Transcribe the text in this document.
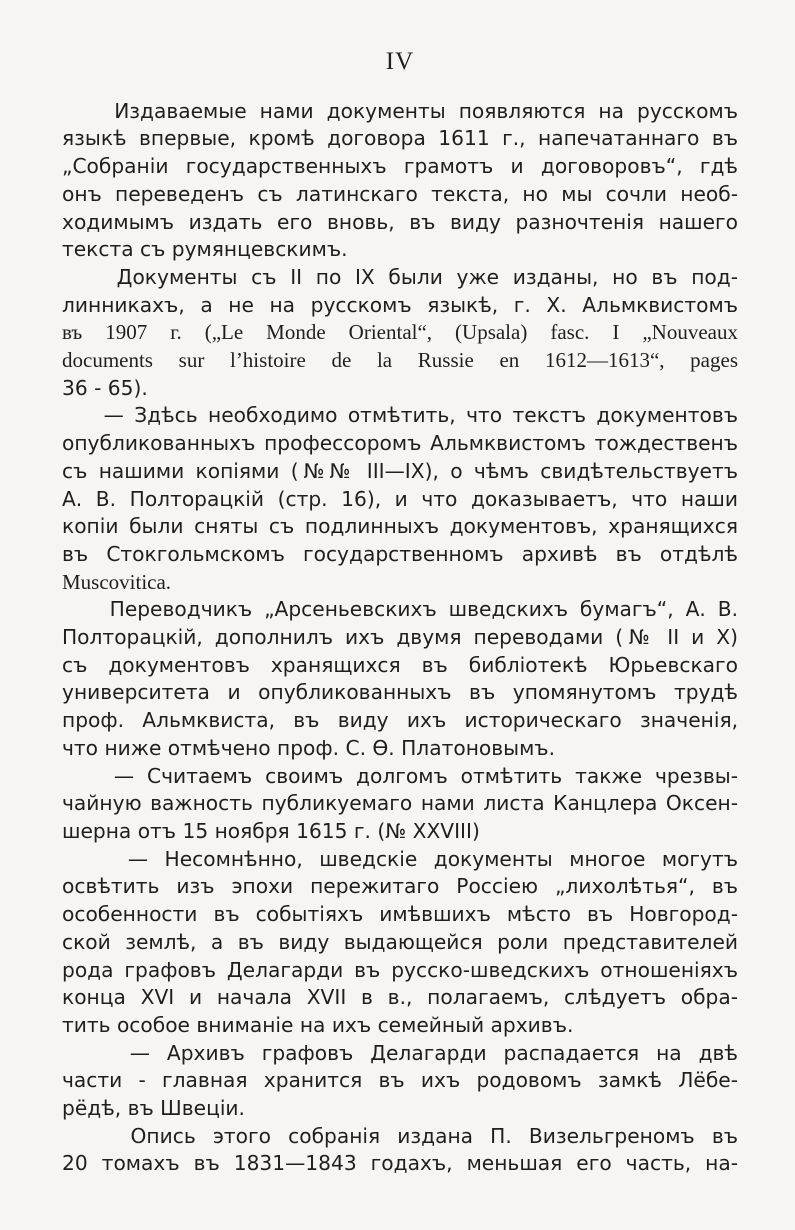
IV
Издаваемые нами документы появляются на русскомъ
языкѣ впервые, кромѣ договора 1611 г., напечатаннаго въ
„Собраніи государственныхъ грамотъ и договоровъ“, гдѣ
онъ переведенъ съ латинскаго текста, но мы сочли необ-
ходимымъ издать его вновь, въ виду разночтенія нашего
текста съ румянцевскимъ.
Документы съ II по IX были уже изданы, но въ под-
линникахъ, а не на русскомъ языкѣ, г. Х. Альмквистомъ
въ 1907 г. („Le Monde Oriental“, (Upsala) fasc. I „Nouveaux
documents sur l’histoire de la Russie en 1612—1613“, pages
36 - 65).
— Здѣсь необходимо отмѣтить, что текстъ документовъ
опубликованныхъ профессоромъ Альмквистомъ тождественъ
съ нашими копіями (№№ III—IX), о чѣмъ свидѣтельствуетъ
А. В. Полторацкій (стр. 16), и что доказываетъ, что наши
копіи были сняты съ подлинныхъ документовъ, хранящихся
въ Стокгольмскомъ государственномъ архивѣ въ отдѣлѣ
Muscovitica.
Переводчикъ „Арсеньевскихъ шведскихъ бумагъ“, А. В.
Полторацкій, дополнилъ ихъ двумя переводами (№ II и X)
съ документовъ хранящихся въ библіотекѣ Юрьевскаго
университета и опубликованныхъ въ упомянутомъ трудѣ
проф. Альмквиста, въ виду ихъ историческаго значенія,
что ниже отмѣчено проф. С. Ѳ. Платоновымъ.
— Считаемъ своимъ долгомъ отмѣтить также чрезвы-
чайную важность публикуемаго нами листа Канцлера Оксен-
шерна отъ 15 ноября 1615 г. (№ XXVIII)
— Несомнѣнно, шведскіе документы многое могутъ
освѣтить изъ эпохи пережитаго Россіею „лихолѣтья“, въ
особенности въ событіяхъ имѣвшихъ мѣсто въ Новгород-
ской землѣ, а въ виду выдающейся роли представителей
рода графовъ Делагарди въ русско-шведскихъ отношеніяхъ
конца XVI и начала XVII в в., полагаемъ, слѣдуетъ обра-
тить особое вниманіе на ихъ семейный архивъ.
— Архивъ графовъ Делагарди распадается на двѣ
части - главная хранится въ ихъ родовомъ замкѣ Лёбе-
рёдѣ, въ Швеціи.
Опись этого собранія издана П. Визельгреномъ въ
20 томахъ въ 1831—1843 годахъ, меньшая его часть, на-
